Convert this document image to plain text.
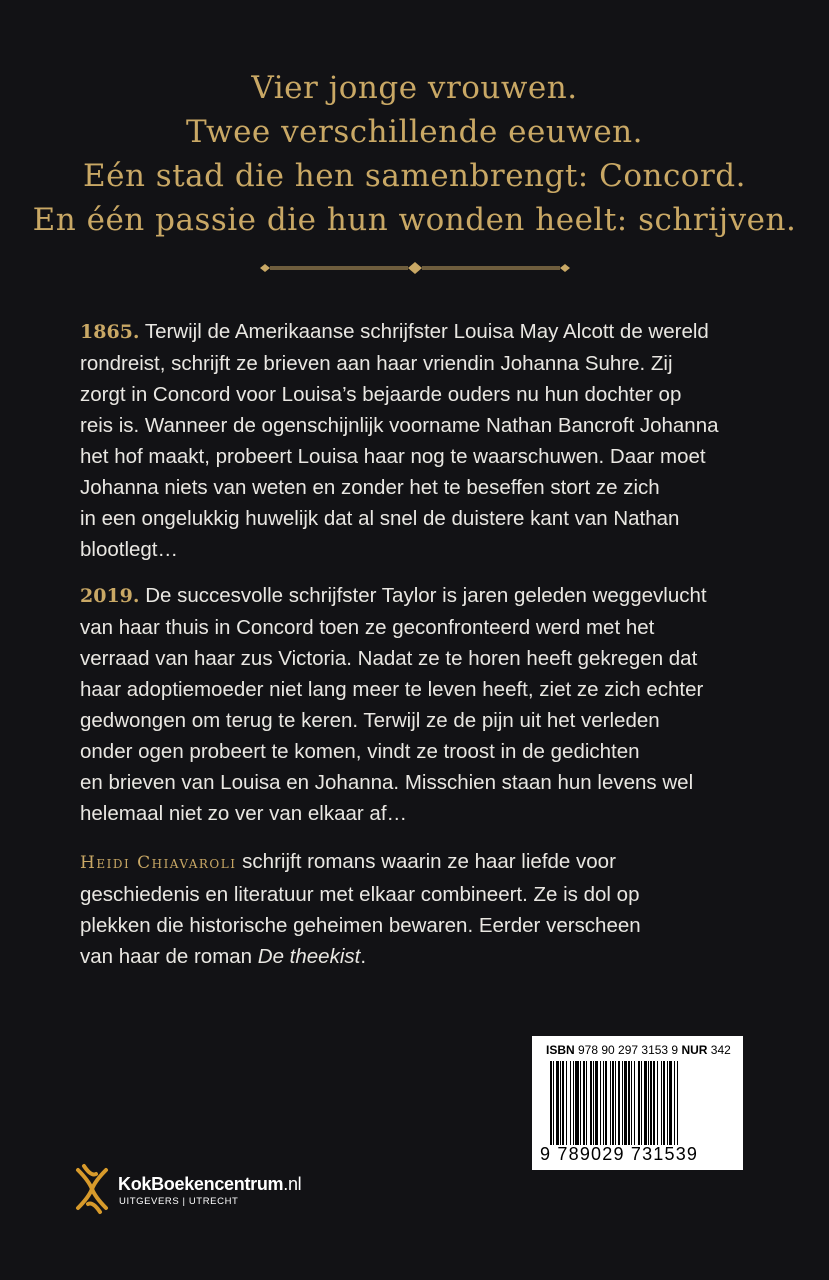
Vier jonge vrouwen.
Twee verschillende eeuwen.
Eén stad die hen samenbrengt: Concord.
En één passie die hun wonden heelt: schrijven.

1865. Terwijl de Amerikaanse schrijfster Louisa May Alcott de wereld
rondreist, schrijft ze brieven aan haar vriendin Johanna Suhre. Zij
zorgt in Concord voor Louisa’s bejaarde ouders nu hun dochter op
reis is. Wanneer de ogenschijnlijk voorname Nathan Bancroft Johanna
het hof maakt, probeert Louisa haar nog te waarschuwen. Daar moet
Johanna niets van weten en zonder het te beseffen stort ze zich
in een ongelukkig huwelijk dat al snel de duistere kant van Nathan
blootlegt…

2019. De succesvolle schrijfster Taylor is jaren geleden weggevlucht
van haar thuis in Concord toen ze geconfronteerd werd met het
verraad van haar zus Victoria. Nadat ze te horen heeft gekregen dat
haar adoptiemoeder niet lang meer te leven heeft, ziet ze zich echter
gedwongen om terug te keren. Terwijl ze de pijn uit het verleden
onder ogen probeert te komen, vindt ze troost in de gedichten
en brieven van Louisa en Johanna. Misschien staan hun levens wel
helemaal niet zo ver van elkaar af…

Heidi Chiavaroli schrijft romans waarin ze haar liefde voor
geschiedenis en literatuur met elkaar combineert. Ze is dol op
plekken die historische geheimen bewaren. Eerder verscheen
van haar de roman De theekist.

ISBN 978 90 297 3153 9 NUR 342
9 789029 731539
KokBoekencentrum.nl
UITGEVERS | UTRECHT
